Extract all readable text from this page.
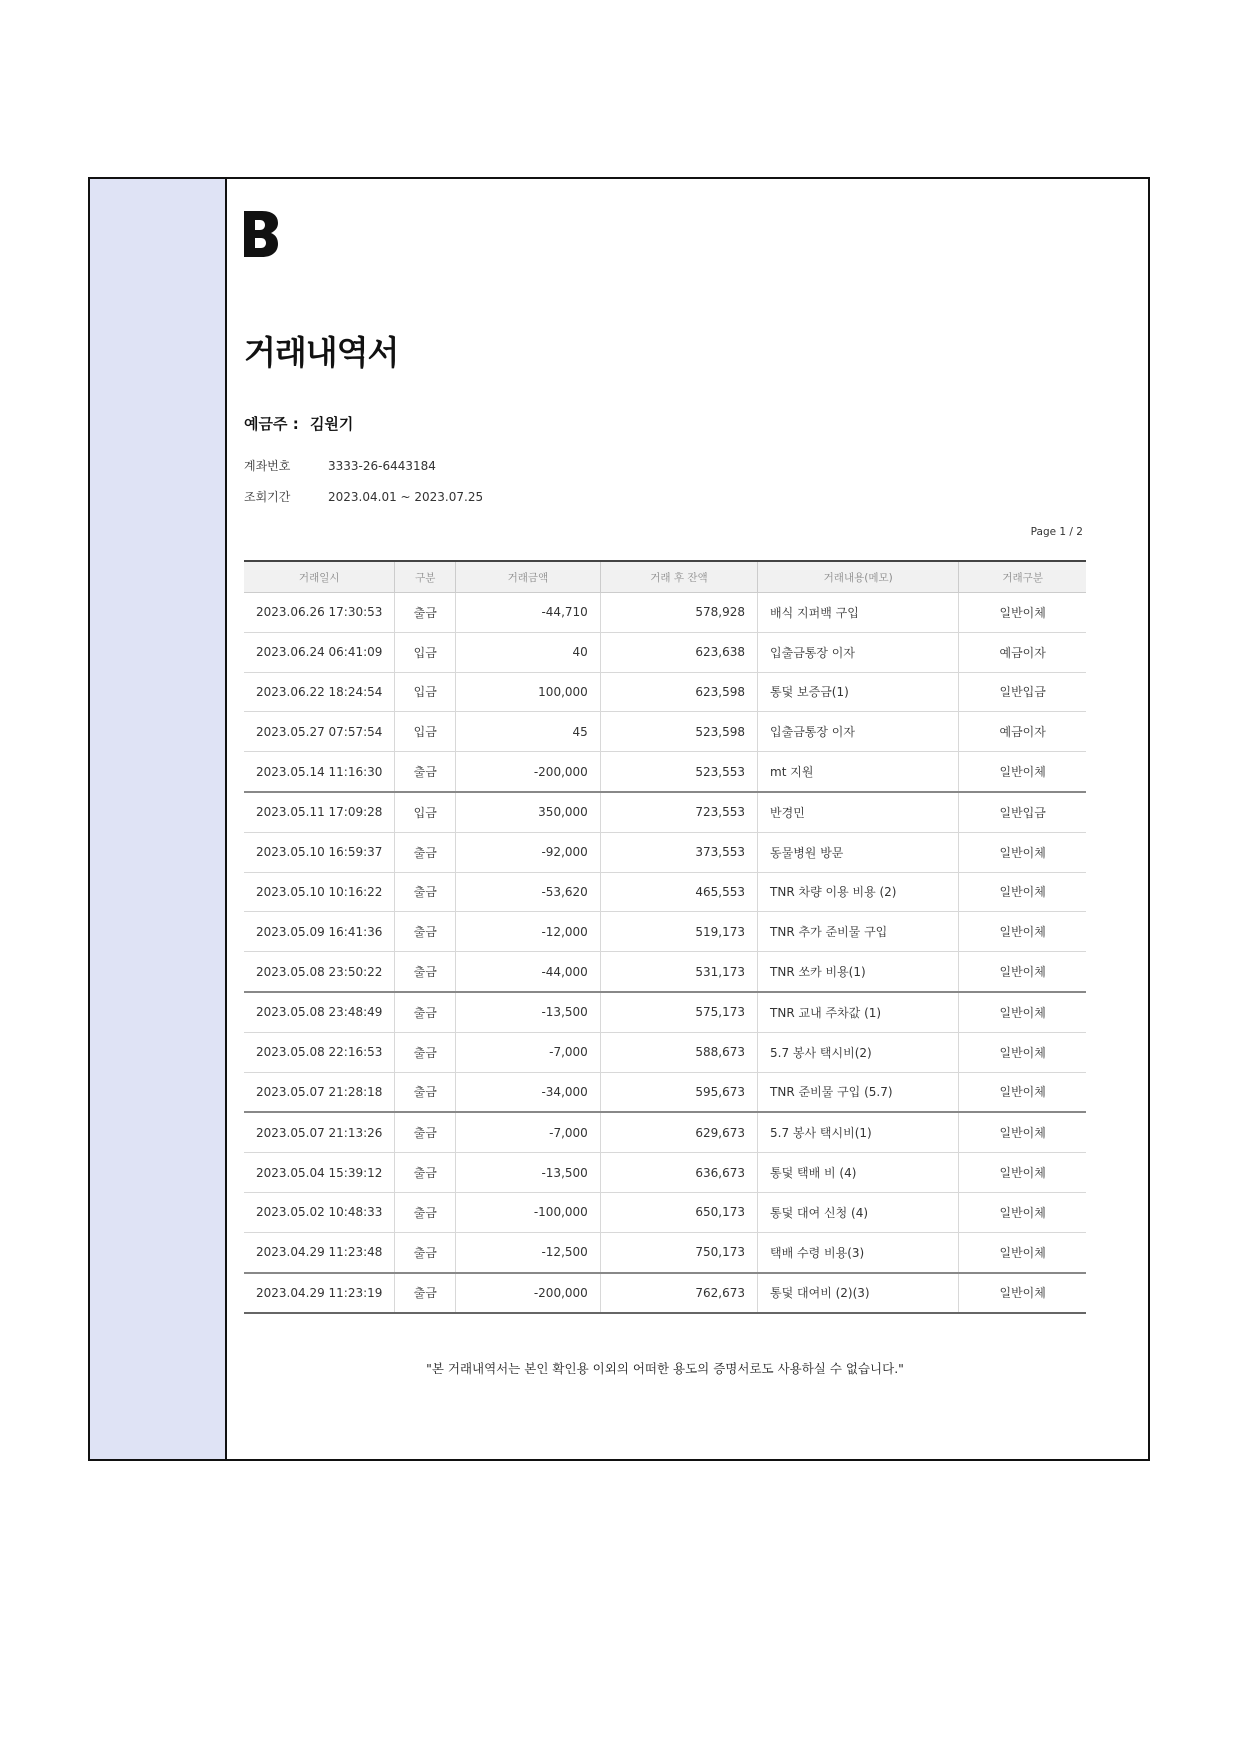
거래내역서
예금주 : 김원기
계좌번호	3333-26-6443184
조회기간	2023.04.01 ~ 2023.07.25
Page 1 / 2
거래일시	구분	거래금액	거래 후 잔액	거래내용(메모)	거래구분
2023.06.26 17:30:53	출금	-44,710	578,928	배식 지퍼백 구입	일반이체
2023.06.24 06:41:09	입금	40	623,638	입출금통장 이자	예금이자
2023.06.22 18:24:54	입금	100,000	623,598	통덫 보증금(1)	일반입금
2023.05.27 07:57:54	입금	45	523,598	입출금통장 이자	예금이자
2023.05.14 11:16:30	출금	-200,000	523,553	mt 지원	일반이체
2023.05.11 17:09:28	입금	350,000	723,553	반경민	일반입금
2023.05.10 16:59:37	출금	-92,000	373,553	동물병원 방문	일반이체
2023.05.10 10:16:22	출금	-53,620	465,553	TNR 차량 이용 비용 (2)	일반이체
2023.05.09 16:41:36	출금	-12,000	519,173	TNR 추가 준비물 구입	일반이체
2023.05.08 23:50:22	출금	-44,000	531,173	TNR 쏘카 비용(1)	일반이체
2023.05.08 23:48:49	출금	-13,500	575,173	TNR 교내 주차값 (1)	일반이체
2023.05.08 22:16:53	출금	-7,000	588,673	5.7 봉사 택시비(2)	일반이체
2023.05.07 21:28:18	출금	-34,000	595,673	TNR 준비물 구입 (5.7)	일반이체
2023.05.07 21:13:26	출금	-7,000	629,673	5.7 봉사 택시비(1)	일반이체
2023.05.04 15:39:12	출금	-13,500	636,673	통덫 택배 비 (4)	일반이체
2023.05.02 10:48:33	출금	-100,000	650,173	통덫 대여 신청 (4)	일반이체
2023.04.29 11:23:48	출금	-12,500	750,173	택배 수령 비용(3)	일반이체
2023.04.29 11:23:19	출금	-200,000	762,673	통덫 대여비 (2)(3)	일반이체
"본 거래내역서는 본인 확인용 이외의 어떠한 용도의 증명서로도 사용하실 수 없습니다."
